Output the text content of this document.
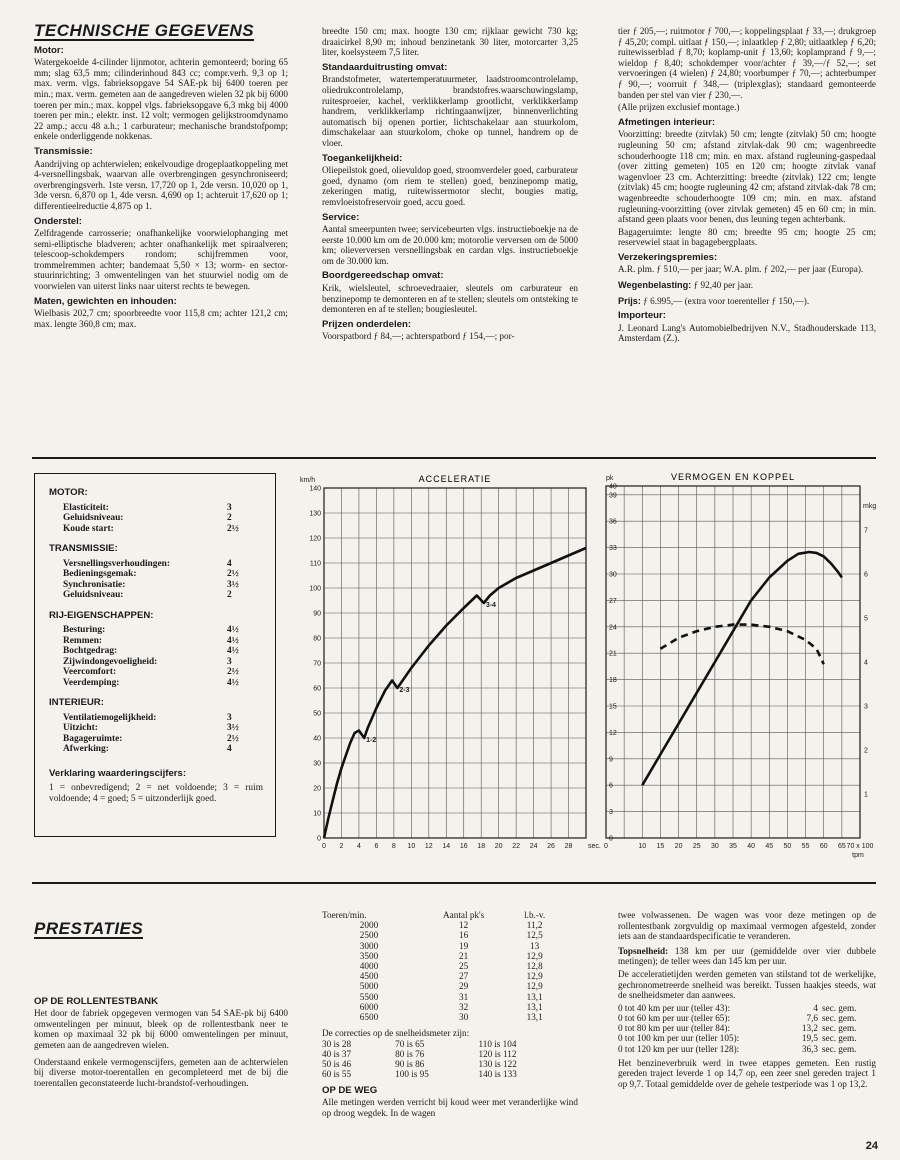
TECHNISCHE GEGEVENS
Motor:

Watergekoelde 4-cilinder lijnmotor, achterin gemonteerd; boring 65 mm; slag 63,5 mm; cilinderinhoud 843 cc; compr.verh. 9,3 op 1; max. verm. vlgs. fabrieksopgave 54 SAE-pk bij 6400 toeren per min.; max. verm. gemeten aan de aangedreven wielen 32 pk bij 6000 toeren per min.; max. koppel vlgs. fabrieksopgave 6,3 mkg bij 4000 toeren per min.; elektr. inst. 12 volt; vermogen gelijkstroomdynamo 22 amp.; accu 48 a.h.; 1 carburateur; mechanische brandstofpomp; enkele onderliggende nokkenas.

Transmissie:

Aandrijving op achterwielen; enkelvoudige drogeplaatkoppeling met 4-versnellingsbak, waarvan alle overbrengingen gesynchroniseerd; overbrengingsverh. 1ste versn. 17,720 op 1, 2de versn. 10,020 op 1, 3de versn. 6,870 op 1, 4de versn. 4,690 op 1; achteruit 17,620 op 1; differentieelreductie 4,875 op 1.

Onderstel:

Zelfdragende carrosserie; onafhankelijke voorwielophanging met semi-elliptische bladveren; achter onafhankelijk met spiraalveren; telescoop-schokdempers rondom; schijfremmen voor, trommelremmen achter; bandemaat 5,50 × 13; worm- en sector-stuurinrichting; 3 omwentelingen van het stuurwiel nodig om de voorwielen van uiterst links naar uiterst rechts te bewegen.

Maten, gewichten en inhouden:

Wielbasis 202,7 cm; spoorbreedte voor 115,8 cm; achter 121,2 cm; max. lengte 360,8 cm; max.

breedte 150 cm; max. hoogte 130 cm; rijklaar gewicht 730 kg; draaicirkel 8,90 m; inhoud benzinetank 30 liter, motorcarter 3,25 liter, koelsysteem 7,5 liter.

Standaarduitrusting omvat:

Brandstofmeter, watertemperatuurmeter, laadstroomcontrolelamp, oliedrukcontrolelamp, brandstofres.waarschuwingslamp, ruitesproeier, kachel, verklikkerlamp grootlicht, verklikkerlamp handrem, verklikkerlamp richtingaanwijzer, binnenverlichting automatisch bij openen portier, lichtschakelaar aan stuurkolom, dimschakelaar aan stuurkolom, choke op tunnel, handrem op de vloer.

Toegankelijkheid:

Oliepeilstok goed, olievuldop goed, stroomverdeler goed, carburateur goed, dynamo (om riem te stellen) goed, benzinepomp matig, zekeringen matig, ruitewissermotor slecht, bougies matig, remvloeistofreservoir goed, accu goed.

Service:

Aantal smeerpunten twee; servicebeurten vlgs. instructieboekje na de eerste 10.000 km om de 20.000 km; motorolie verversen om de 5000 km; olieverversen versnellingsbak en cardan vlgs. instructieboekje om de 30.000 km.

Boordgereedschap omvat:

Krik, wielsleutel, schroevedraaier, sleutels om carburateur en benzinepomp te demonteren en af te stellen; sleutels om ontsteking te demonteren en af te stellen; bougiesleutel.

Prijzen onderdelen:

Voorspatbord ƒ 84,—; achterspatbord ƒ 154,—; por-

tier ƒ 205,—; ruitmotor ƒ 700,—; koppelingsplaat ƒ 33,—; drukgroep ƒ 45,20; compl. uitlaat ƒ 150,—; inlaatklep ƒ 2,80; uitlaatklep ƒ 6,20; ruitewisserblad ƒ 8,70; koplamp-unit ƒ 13,60; koplamprand ƒ 9,—; wieldop ƒ 8,40; schokdemper voor/achter ƒ 39,—/ƒ 52,—; set vervoeringen (4 wielen) ƒ 24,80; voorbumper ƒ 70,—; achterbumper ƒ 90,—; voorruit ƒ 348,— (triplexglas); standaard gemonteerde banden per stel van vier ƒ 230,—.

(Alle prijzen exclusief montage.)

Afmetingen interieur:

Voorzitting: breedte (zitvlak) 50 cm; lengte (zitvlak) 50 cm; hoogte rugleuning 50 cm; afstand zitvlak-dak 90 cm; wagenbreedte schouderhoogte 118 cm; min. en max. afstand rugleuning-gaspedaal (over zitting gemeten) 105 en 120 cm; hoogte zitvlak vanaf wagenvloer 23 cm. Achterzitting: breedte (zitvlak) 122 cm; lengte (zitvlak) 45 cm; hoogte rugleuning 42 cm; afstand zitvlak-dak 78 cm; wagenbreedte schouderhoogte 109 cm; min. en max. afstand rugleuning-voorzitting (over zitvlak gemeten) 45 en 60 cm; in min. afstand geen plaats voor benen, dus leuning tegen achterbank.

Bagageruimte: lengte 80 cm; breedte 95 cm; hoogte 25 cm; reservewiel staat in bagagebergplaats.

Verzekeringspremies:

A.R. plm. ƒ 510,— per jaar; W.A. plm. ƒ 202,— per jaar (Europa).

Wegenbelasting: ƒ 92,40 per jaar.

Prijs: ƒ 6.995,— (extra voor toerenteller ƒ 150,—).

Importeur:

J. Leonard Lang's Automobielbedrijven N.V., Stadhouderskade 113, Amsterdam (Z.).

MOTOR:
Elasticiteit:	3
Geluidsniveau:	2
Koude start:	2½
TRANSMISSIE:
Versnellingsverhoudingen:	4
Bedieningsgemak:	2½
Synchronisatie:	3½
Geluidsniveau:	2
RIJ-EIGENSCHAPPEN:
Besturing:	4½
Remmen:	4½
Bochtgedrag:	4½
Zijwindongevoeligheid:	3
Veercomfort:	2½
Veerdemping:	4½
INTERIEUR:
Ventilatiemogelijkheid:	3
Uitzicht:	3½
Bagageruimte:	2½
Afwerking:	4
Verklaring waarderingscijfers:
1 = onbevredigend; 2 = net voldoende; 3 = ruim voldoende; 4 = goed; 5 = uitzonderlijk goed.
0 2 4 6 8 10 12 14 16 18 20 22 24 26 28
0
10
20
30
40
50
60
70
80
90
100
110
120
130
140
ACCELERATIE
km/h
sec.
1-2
2-3
3-4
0	10 15 20 25 30 35 40 45 50 55 60 65 70 x 100
0
3
6
9
12
15
18
21
24
27
30
33
36
39
40
1
2
3
4
5
6
7
VERMOGEN EN KOPPEL
pk
mkg
tpm
PRESTATIES
OP DE ROLLENTESTBANK

Het door de fabriek opgegeven vermogen van 54 SAE-pk bij 6400 omwentelingen per minuut, bleek op de rollentestbank neer te komen op maximaal 32 pk bij 6000 omwentelingen per minuut, gemeten aan de aangedreven wielen.

Onderstaand enkele vermogenscijfers, gemeten aan de achterwielen bij diverse motor-toerentallen en gecompleteerd met de bij die toerentallen geconstateerde lucht-brandstof-verhoudingen.

Toeren/min.	Aantal pk's	l.b.-v.
2000	12	11,2
2500	16	12,5
3000	19	13
3500	21	12,9
4000	25	12,8
4500	27	12,9
5000	29	12,9
5500	31	13,1
6000	32	13,1
6500	30	13,1
De correcties op de snelheidsmeter zijn:
30 is 28	70 is 65	110 is 104
40 is 37	80 is 76	120 is 112
50 is 46	90 is 86	130 is 122
60 is 55	100 is 95	140 is 133
OP DE WEG

Alle metingen werden verricht bij koud weer met veranderlijke wind op droog wegdek. In de wagen

twee volwassenen. De wagen was voor deze metingen op de rollentestbank zorgvuldig op maximaal vermogen afgesteld, zonder iets aan de standaardspecificatie te veranderen.

Topsnelheid: 138 km per uur (gemiddelde over vier dubbele metingen); de teller wees dan 145 km per uur.

De acceleratietijden werden gemeten van stilstand tot de werkelijke, gechronometreerde snelheid was bereikt. Tussen haakjes steeds, wat de snelheidsmeter dan aanwees.

0 tot 40 km per uur (teller 43):	4	sec. gem.
0 tot 60 km per uur (teller 65):	7,6	sec. gem.
0 tot 80 km per uur (teller 84):	13,2	sec. gem.
0 tot 100 km per uur (teller 105):	19,5	sec. gem.
0 tot 120 km per uur (teller 128):	36,3	sec. gem.

Het benzineverbruik werd in twee etappes gemeten. Een rustig gereden traject leverde 1 op 14,7 op, een zeer snel gereden traject 1 op 9,7. Totaal gemiddelde over de gehele testperiode was 1 op 13,2.

24
